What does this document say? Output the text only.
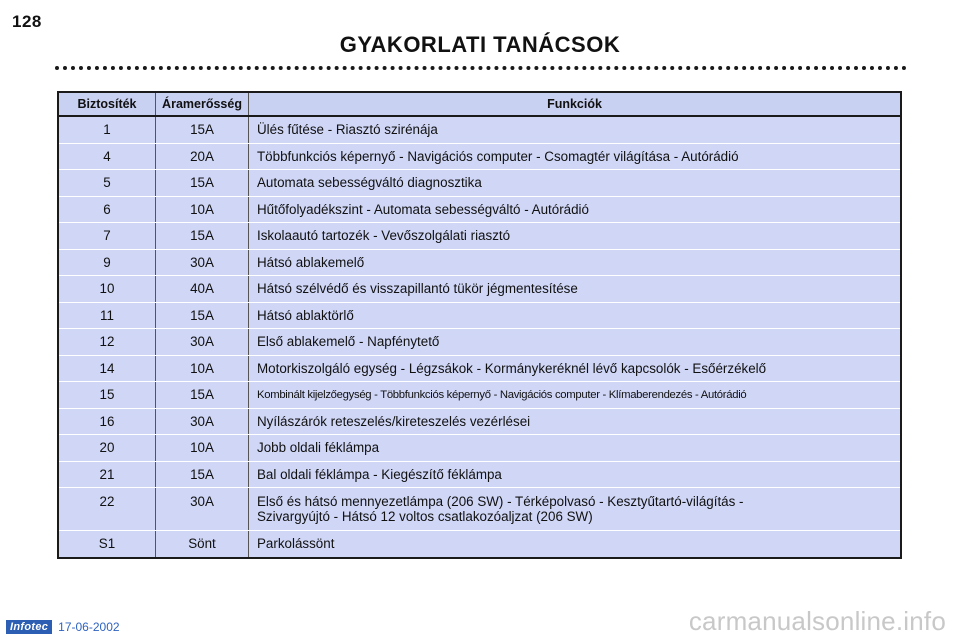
128
GYAKORLATI TANÁCSOK
Biztosíték	Áramerősség	Funkciók
1	15A	Ülés fűtése - Riasztó szirénája
4	20A	Többfunkciós képernyő - Navigációs computer - Csomagtér világítása - Autórádió
5	15A	Automata sebességváltó diagnosztika
6	10A	Hűtőfolyadékszint - Automata sebességváltó - Autórádió
7	15A	Iskolaautó tartozék - Vevőszolgálati riasztó
9	30A	Hátsó ablakemelő
10	40A	Hátsó szélvédő és visszapillantó tükör jégmentesítése
11	15A	Hátsó ablaktörlő
12	30A	Első ablakemelő - Napfénytető
14	10A	Motorkiszolgáló egység - Légzsákok - Kormánykeréknél lévő kapcsolók - Esőérzékelő
15	15A	Kombinált kijelzőegység - Többfunkciós képernyő - Navigációs computer - Klímaberendezés - Autórádió
16	30A	Nyílászárók reteszelés/kireteszelés vezérlései
20	10A	Jobb oldali féklámpa
21	15A	Bal oldali féklámpa - Kiegészítő féklámpa
22	30A	Első és hátsó mennyezetlámpa (206 SW) - Térképolvasó - Kesztyűtartó-világítás -
Szivargyújtó - Hátsó 12 voltos csatlakozóaljzat (206 SW)

S1	Sönt	Parkolássönt
Infotec 17-06-2002	carmanualsonline.info
